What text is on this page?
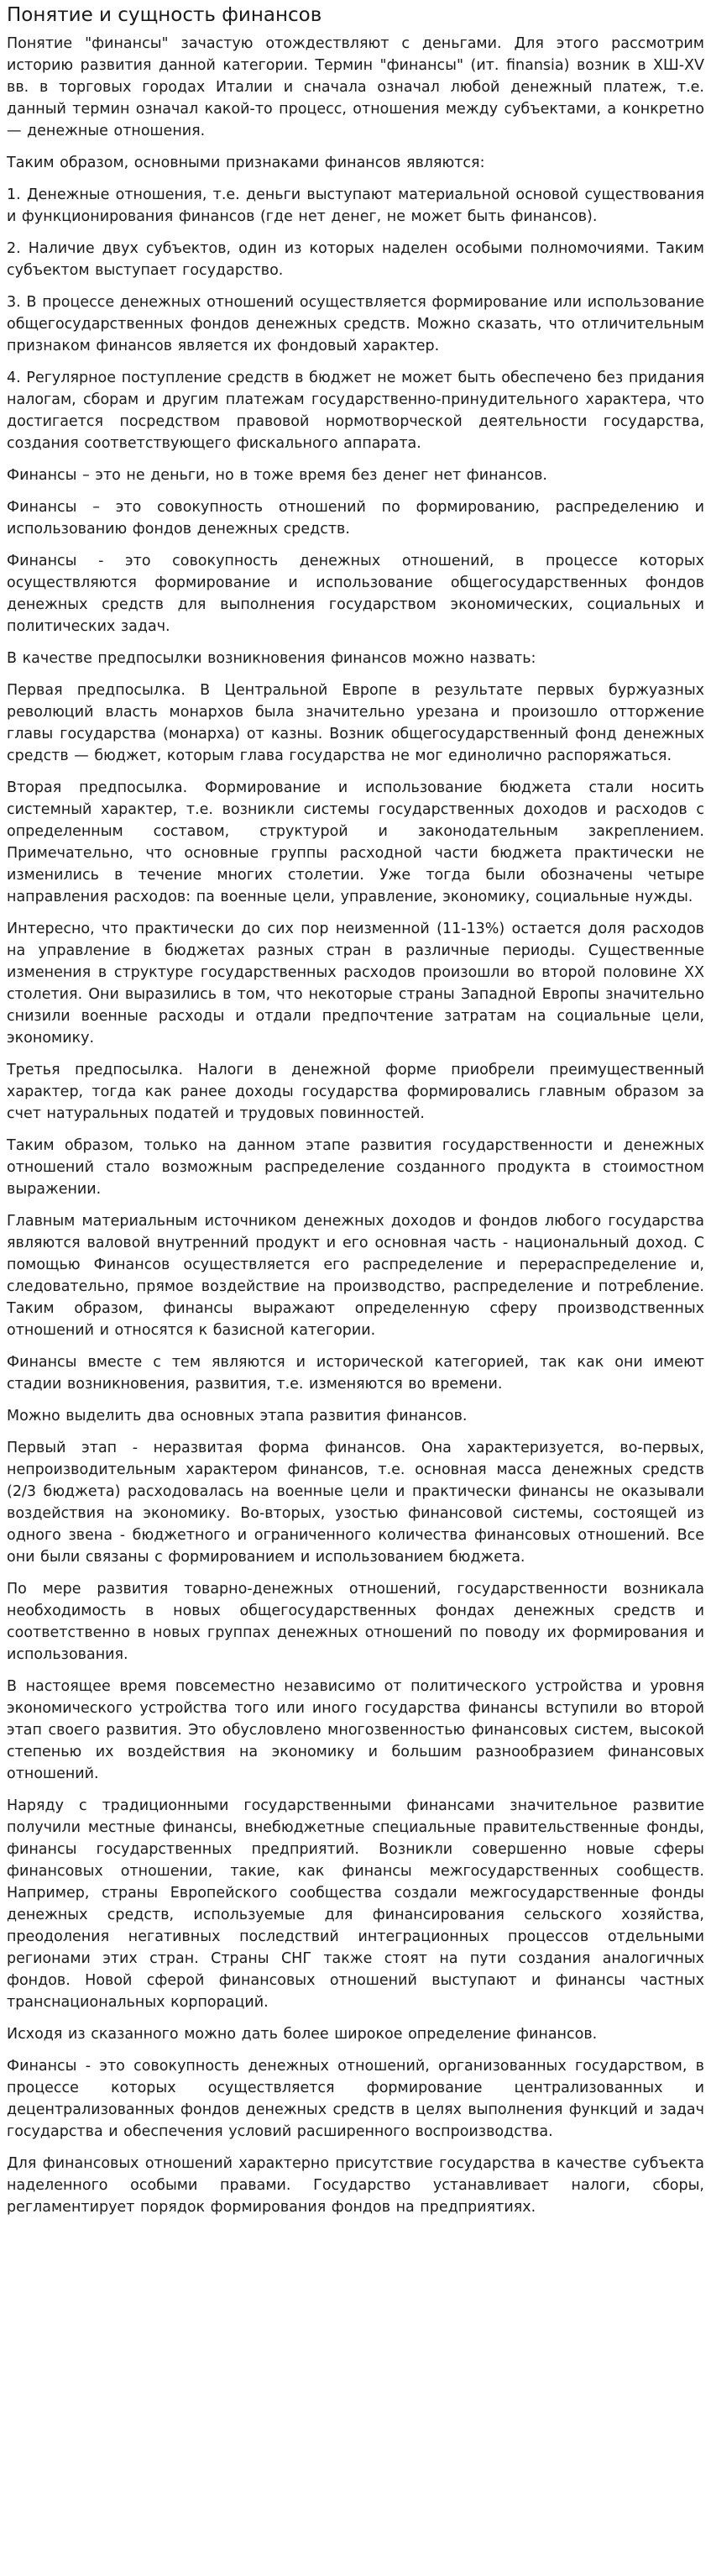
Понятие и сущность финансов

Понятие "финансы" зачастую отождествляют с деньгами. Для этого рассмотрим историю развития данной категории. Термин "финансы" (ит. finansia) возник в XШ-XV вв. в торговых городах Италии и сначала означал любой денежный платеж, т.е. данный термин означал какой-то процесс, отношения между субъектами, а конкретно — денежные отношения.

Таким образом, основными признаками финансов являются:

1. Денежные отношения, т.е. деньги выступают материальной основой существования и функционирования финансов (где нет денег, не может быть финансов).

2. Наличие двух субъектов, один из которых наделен особыми полномочиями. Таким субъектом выступает государство.

3. В процессе денежных отношений осуществляется формирование или использование общегосударственных фондов денежных средств. Можно сказать, что отличительным признаком финансов является их фондовый характер.

4. Регулярное поступление средств в бюджет не может быть обеспечено без придания налогам, сборам и другим платежам государственно-принудительного характера, что достигается посредством правовой нормотворческой деятельности государства, создания соответствующего фискального аппарата.

Финансы – это не деньги, но в тоже время без денег нет финансов.

Финансы – это совокупность отношений по формированию, распределению и использованию фондов денежных средств.

Финансы - это совокупность денежных отношений, в процессе которых осуществляются формирование и использование общегосударственных фондов денежных средств для выполнения государством экономических, социальных и политических задач.

В качестве предпосылки возникновения финансов можно назвать:

Первая предпосылка. В Центральной Европе в результате первых буржуазных революций власть монархов была значительно урезана и произошло отторжение главы государства (монарха) от казны. Возник общегосударственный фонд денежных средств — бюджет, которым глава государства не мог единолично распоряжаться.

Вторая предпосылка. Формирование и использование бюджета стали носить системный характер, т.е. возникли системы государственных доходов и расходов с определенным составом, структурой и законодательным закреплением. Примечательно, что основные группы расходной части бюджета практически не изменились в течение многих столетии. Уже тогда были обозначены четыре направления расходов: па военные цели, управление, экономику, социальные нужды.

Интересно, что практически до сих пор неизменной (11-13%) остается доля расходов на управление в бюджетах разных стран в различные периоды. Существенные изменения в структуре государственных расходов произошли во второй половине XX столетия. Они выразились в том, что некоторые страны Западной Европы значительно снизили военные расходы и отдали предпочтение затратам на социальные цели, экономику.

Третья предпосылка. Налоги в денежной форме приобрели преимущественный характер, тогда как ранее доходы государства формировались главным образом за счет натуральных податей и трудовых повинностей.

Таким образом, только на данном этапе развития государственности и денежных отношений стало возможным распределение созданного продукта в стоимостном выражении.

Главным материальным источником денежных доходов и фондов любого государства являются валовой внутренний продукт и его основная часть - национальный доход. С помощью Финансов осуществляется его распределение и перераспределение и, следовательно, прямое воздействие на производство, распределение и потребление. Таким образом, финансы выражают определенную сферу производственных отношений и относятся к базисной категории.

Финансы вместе с тем являются и исторической категорией, так как они имеют стадии возникновения, развития, т.е. изменяются во времени.

Можно выделить два основных этапа развития финансов.

Первый этап - неразвитая форма финансов. Она характеризуется, во-первых, непроизводительным характером финансов, т.е. основная масса денежных средств (2/3 бюджета) расходовалась на военные цели и практически финансы не оказывали воздействия на экономику. Во-вторых, узостью финансовой системы, состоящей из одного звена - бюджетного и ограниченного количества финансовых отношений. Все они были связаны с формированием и использованием бюджета.

По мере развития товарно-денежных отношений, государственности возникала необходимость в новых общегосударственных фондах денежных средств и соответственно в новых группах денежных отношений по поводу их формирования и использования.

В настоящее время повсеместно независимо от политического устройства и уровня экономического устройства того или иного государства финансы вступили во второй этап своего развития. Это обусловлено многозвенностью финансовых систем, высокой степенью их воздействия на экономику и большим разнообразием финансовых отношений.

Наряду с традиционными государственными финансами значительное развитие получили местные финансы, внебюджетные специальные правительственные фонды, финансы государственных предприятий. Возникли совершенно новые сферы финансовых отношении, такие, как финансы межгосударственных сообществ. Например, страны Европейского сообщества создали межгосударственные фонды денежных средств, используемые для финансирования сельского хозяйства, преодоления негативных последствий интеграционных процессов отдельными регионами этих стран. Страны СНГ также стоят на пути создания аналогичных фондов. Новой сферой финансовых отношений выступают и финансы частных транснациональных корпораций.

Исходя из сказанного можно дать более широкое определение финансов.

Финансы - это совокупность денежных отношений, организованных государством, в процессе которых осуществляется формирование централизованных и децентрализованных фондов денежных средств в целях выполнения функций и задач государства и обеспечения условий расширенного воспроизводства.

Для финансовых отношений характерно присутствие государства в качестве субъекта наделенного особыми правами. Государство устанавливает налоги, сборы, регламентирует порядок формирования фондов на предприятиях.
